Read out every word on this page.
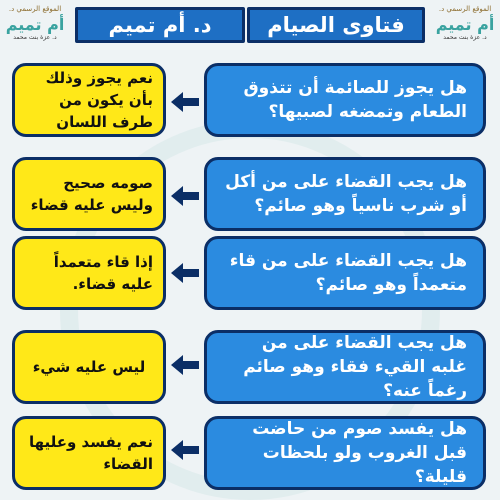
الموقع الرسمي د.
أم تميم
د. عزة بنت محمد
الموقع الرسمي د.
أم تميم
د. عزة بنت محمد
فتاوى الصيام
د. أم تميم
هل يجوز للصائمة أن تتذوق الطعام وتمضغه لصبيها؟
نعم يجوز وذلك بأن يكون من طرف اللسان
هل يجب القضاء على من أكل أو شرب ناسياً وهو صائم؟
صومه صحيح وليس عليه قضاء
هل يجب القضاء على من قاء متعمداً وهو صائم؟
إذا قاء متعمداً عليه قضاء.
هل يجب القضاء على من غلبه القيء فقاء وهو صائم رغماً عنه؟
ليس عليه شيء
هل يفسد صوم من حاضت قبل الغروب ولو بلحظات قليلة؟
نعم يفسد وعليها القضاء
